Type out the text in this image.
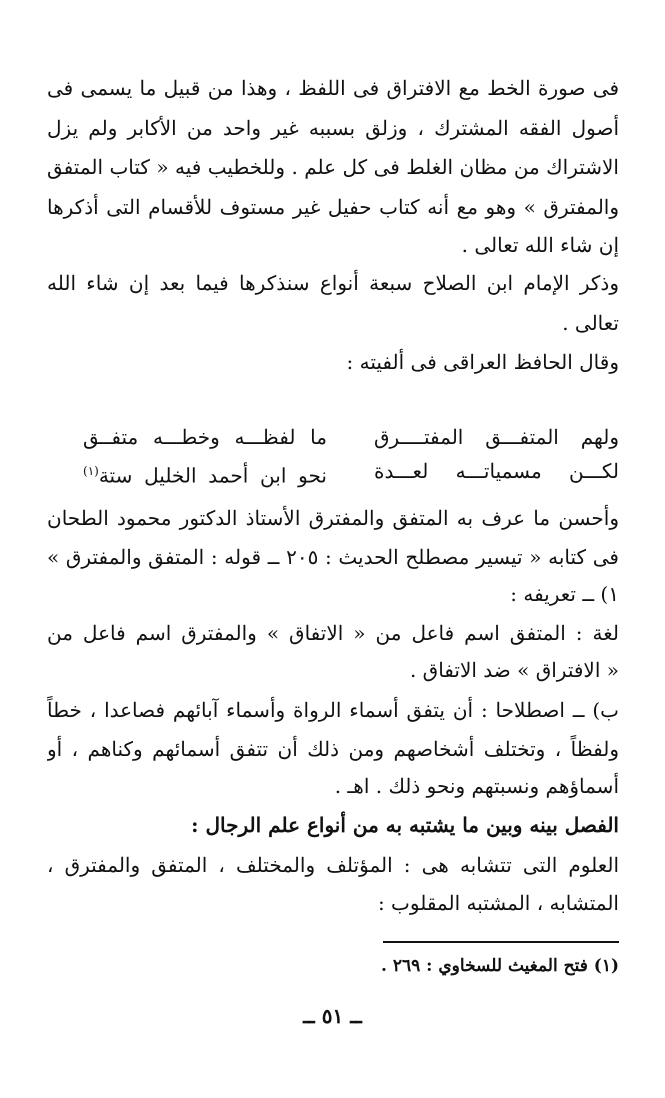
فى صورة الخط مع الافتراق فى اللفظ ، وهذا من قبيل ما يسمى فى
أصول الفقه المشترك ، وزلق بسببه غير واحد من الأكابر ولم يزل
الاشتراك من مظان الغلط فى كل علم . وللخطيب فيه « كتاب المتفق
والمفترق » وهو مع أنه كتاب حفيل غير مستوف للأقسام التى أذكرها
إن شاء الله تعالى .
وذكر الإمام ابن الصلاح سبعة أنواع سنذكرها فيما بعد إن شاء الله
تعالى .
وقال الحافظ العراقى فى ألفيته :
ولهم المتفـــق المفتــــرق
ما لفظـــه وخطـــه متفــق
لكـــن مسمياتـــه لعـــدة
نحو ابن أحمد الخليل ستة$^{(١)}$
وأحسن ما عرف به المتفق والمفترق الأستاذ الدكتور محمود الطحان
فى كتابه « تيسير مصطلح الحديث : ٢٠٥ ــ قوله : المتفق والمفترق »
١) ــ تعريفه :
لغة : المتفق اسم فاعل من « الاتفاق » والمفترق اسم فاعل من
« الافتراق » ضد الاتفاق .
ب) ــ اصطلاحا : أن يتفق أسماء الرواة وأسماء آبائهم فصاعدا ، خطاً
ولفظاً ، وتختلف أشخاصهم ومن ذلك أن تتفق أسمائهم وكناهم ، أو
أسماؤهم ونسبتهم ونحو ذلك . اهـ .
الفصل بينه وبين ما يشتبه به من أنواع علم الرجال :
العلوم التى تتشابه هى : المؤتلف والمختلف ، المتفق والمفترق ،
المتشابه ، المشتبه المقلوب :
(١) فتح المغيث للسخاوي : ٢٦٩ .
ــ ٥١ ــ
